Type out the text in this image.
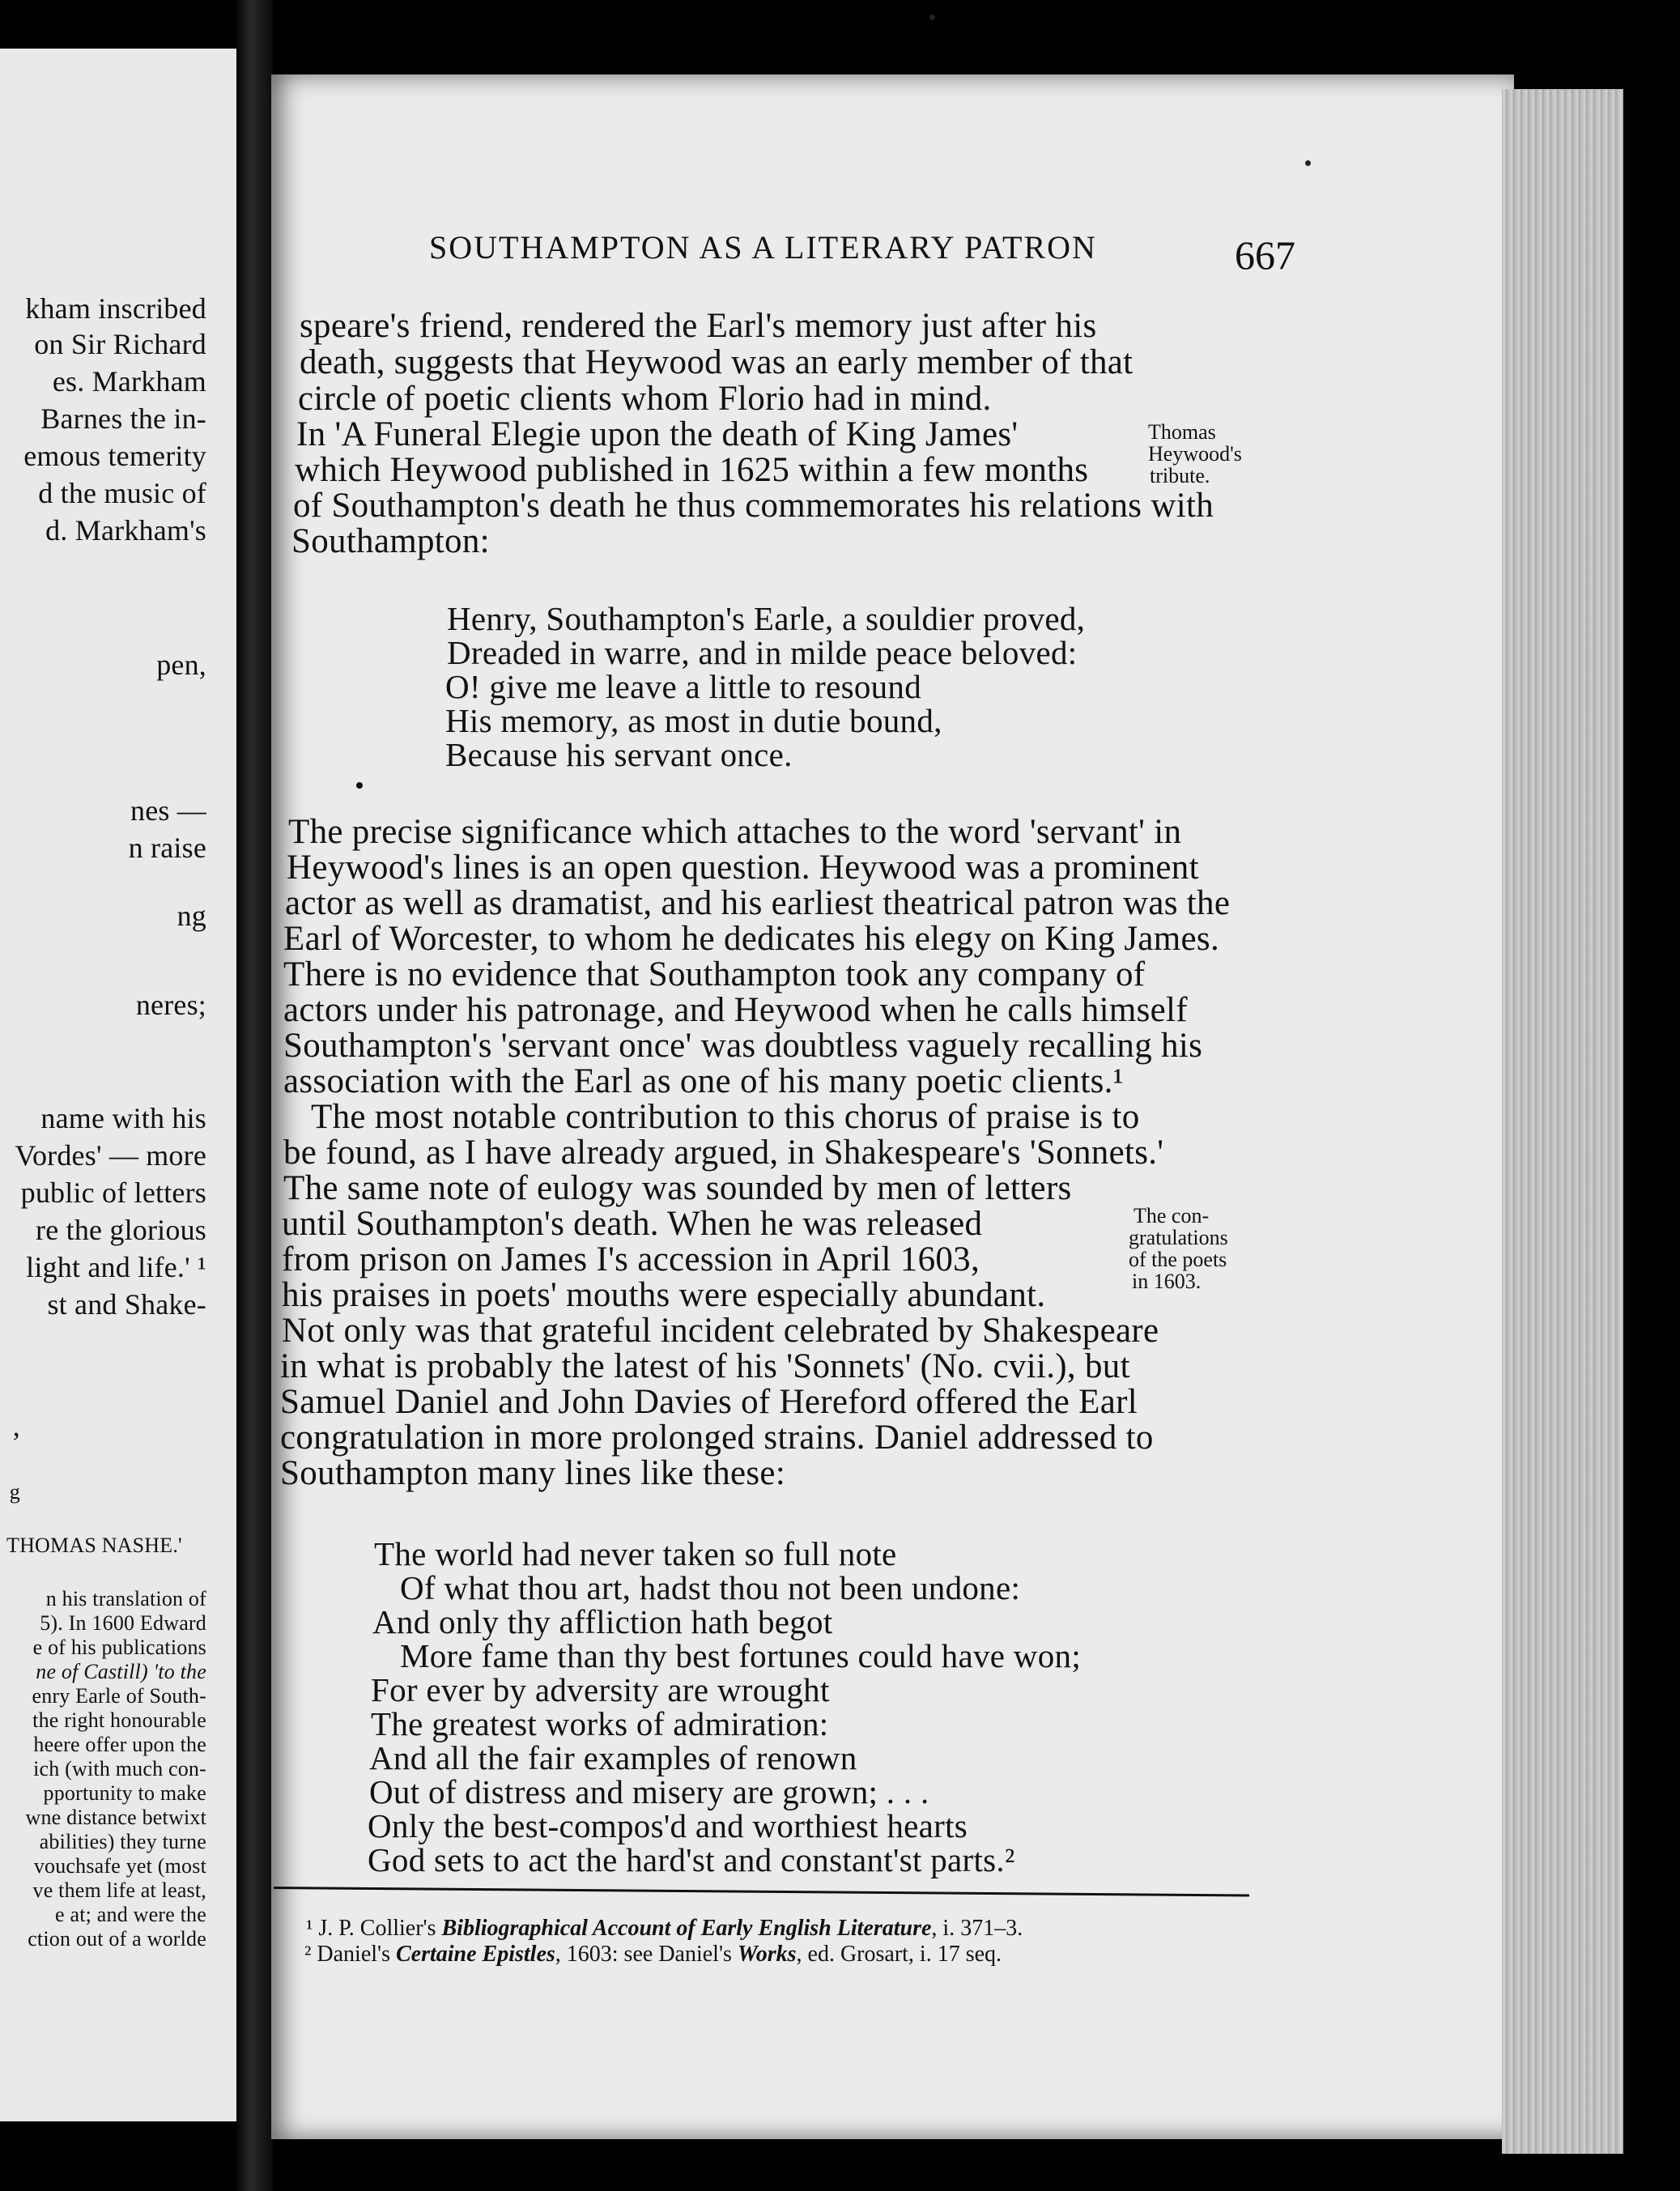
kham inscribed
on Sir Richard
es. Markham
Barnes the in-
emous temerity
d the music of
d. Markham's
pen,
nes —
n raise
ng
neres;
name with his
Vordes' — more
public of letters
re the glorious
light and life.' ¹
st and Shake-
,
g
THOMAS NASHE.'
n his translation of
5). In 1600 Edward
e of his publications
ne of Castill) 'to the
enry Earle of South-
the right honourable
heere offer upon the
ich (with much con-
pportunity to make
wne distance betwixt
abilities) they turne
vouchsafe yet (most
ve them life at least,
e at; and were the
ction out of a worlde
SOUTHAMPTON AS A LITERARY PATRON	667
speare's friend, rendered the Earl's memory just after his
death, suggests that Heywood was an early member of that
circle of poetic clients whom Florio had in mind.
In 'A Funeral Elegie upon the death of King James'
which Heywood published in 1625 within a few months
of Southampton's death he thus commemorates his relations with
Southampton:
Thomas
Heywood's
tribute.
Henry, Southampton's Earle, a souldier proved,
Dreaded in warre, and in milde peace beloved:
O! give me leave a little to resound
His memory, as most in dutie bound,
Because his servant once.
The precise significance which attaches to the word 'servant' in
Heywood's lines is an open question. Heywood was a prominent
actor as well as dramatist, and his earliest theatrical patron was the
Earl of Worcester, to whom he dedicates his elegy on King James.
There is no evidence that Southampton took any company of
actors under his patronage, and Heywood when he calls himself
Southampton's 'servant once' was doubtless vaguely recalling his
association with the Earl as one of his many poetic clients.¹
The most notable contribution to this chorus of praise is to
be found, as I have already argued, in Shakespeare's 'Sonnets.'
The same note of eulogy was sounded by men of letters
until Southampton's death. When he was released
from prison on James I's accession in April 1603,
his praises in poets' mouths were especially abundant.
Not only was that grateful incident celebrated by Shakespeare
in what is probably the latest of his 'Sonnets' (No. cvii.), but
Samuel Daniel and John Davies of Hereford offered the Earl
congratulation in more prolonged strains. Daniel addressed to
Southampton many lines like these:
The con-
gratulations
of the poets
in 1603.
The world had never taken so full note
Of what thou art, hadst thou not been undone:
And only thy affliction hath begot
More fame than thy best fortunes could have won;
For ever by adversity are wrought
The greatest works of admiration:
And all the fair examples of renown
Out of distress and misery are grown; . . .
Only the best-compos'd and worthiest hearts
God sets to act the hard'st and constant'st parts.²
¹ J. P. Collier's Bibliographical Account of Early English Literature, i. 371–3.
² Daniel's Certaine Epistles, 1603: see Daniel's Works, ed. Grosart, i. 17 seq.
